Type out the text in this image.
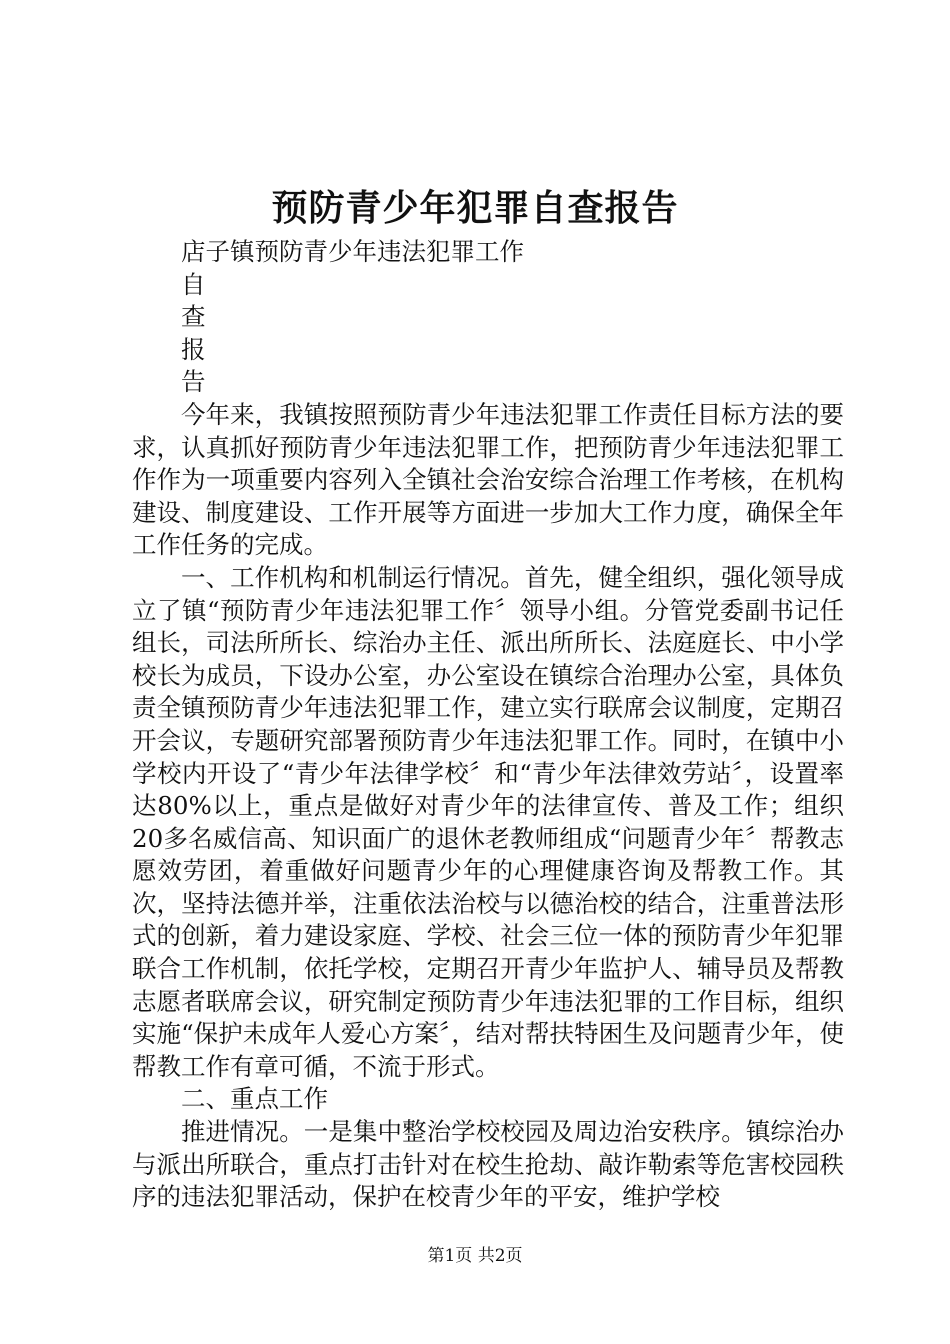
预防青少年犯罪自查报告

店子镇预防青少年违法犯罪工作

自

查

报

告

今年来，我镇按照预防青少年违法犯罪工作责任目标方法的要求，认真抓好预防青少年违法犯罪工作，把预防青少年违法犯罪工作作为一项重要内容列入全镇社会治安综合治理工作考核，在机构建设、制度建设、工作开展等方面进一步加大工作力度，确保全年工作任务的完成。

一、工作机构和机制运行情况。首先，健全组织，强化领导成立了镇“预防青少年违法犯罪工作〞领导小组。分管党委副书记任组长，司法所所长、综治办主任、派出所所长、法庭庭长、中小学校长为成员，下设办公室，办公室设在镇综合治理办公室，具体负责全镇预防青少年违法犯罪工作，建立实行联席会议制度，定期召开会议，专题研究部署预防青少年违法犯罪工作。同时，在镇中小学校内开设了“青少年法律学校〞和“青少年法律效劳站〞，设置率达80%以上，重点是做好对青少年的法律宣传、普及工作；组织20多名威信高、知识面广的退休老教师组成“问题青少年〞帮教志愿效劳团，着重做好问题青少年的心理健康咨询及帮教工作。其次，坚持法德并举，注重依法治校与以德治校的结合，注重普法形式的创新，着力建设家庭、学校、社会三位一体的预防青少年犯罪联合工作机制，依托学校，定期召开青少年监护人、辅导员及帮教志愿者联席会议，研究制定预防青少年违法犯罪的工作目标，组织实施“保护未成年人爱心方案〞，结对帮扶特困生及问题青少年，使帮教工作有章可循，不流于形式。

二、重点工作

推进情况。一是集中整治学校校园及周边治安秩序。镇综治办与派出所联合，重点打击针对在校生抢劫、敲诈勒索等危害校园秩序的违法犯罪活动，保护在校青少年的平安，维护学校

第1页 共2页
